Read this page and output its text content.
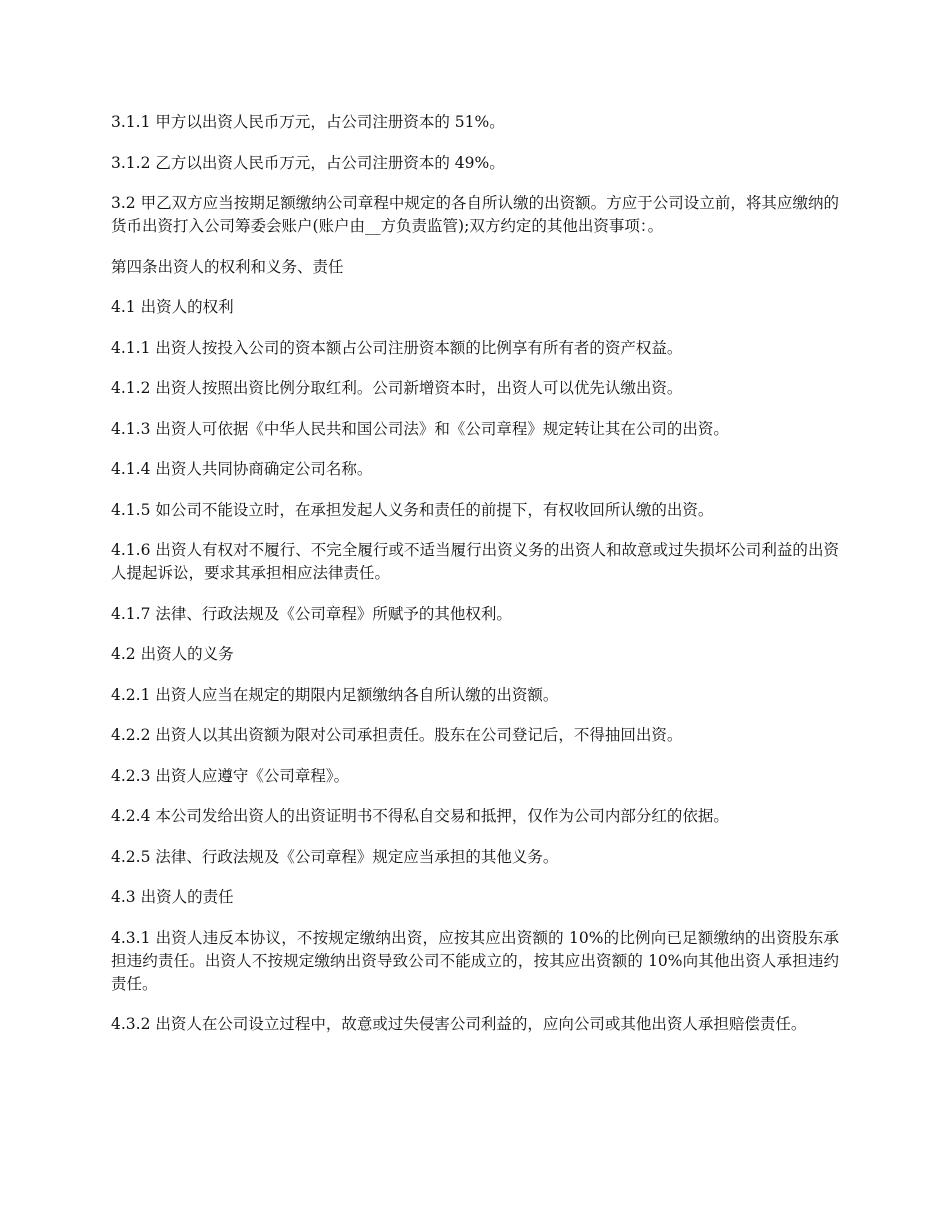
3.1.1 甲方以出资人民币万元，占公司注册资本的 51%。

3.1.2 乙方以出资人民币万元，占公司注册资本的 49%。

3.2 甲乙双方应当按期足额缴纳公司章程中规定的各自所认缴的出资额。方应于公司设立前，将其应缴纳的货币出资打入公司筹委会账户(账户由__方负责监管);双方约定的其他出资事项：。

第四条出资人的权利和义务、责任

4.1 出资人的权利

4.1.1 出资人按投入公司的资本额占公司注册资本额的比例享有所有者的资产权益。

4.1.2 出资人按照出资比例分取红利。公司新增资本时，出资人可以优先认缴出资。

4.1.3 出资人可依据《中华人民共和国公司法》和《公司章程》规定转让其在公司的出资。

4.1.4 出资人共同协商确定公司名称。

4.1.5 如公司不能设立时，在承担发起人义务和责任的前提下，有权收回所认缴的出资。

4.1.6 出资人有权对不履行、不完全履行或不适当履行出资义务的出资人和故意或过失损坏公司利益的出资人提起诉讼，要求其承担相应法律责任。

4.1.7 法律、行政法规及《公司章程》所赋予的其他权利。

4.2 出资人的义务

4.2.1 出资人应当在规定的期限内足额缴纳各自所认缴的出资额。

4.2.2 出资人以其出资额为限对公司承担责任。股东在公司登记后，不得抽回出资。

4.2.3 出资人应遵守《公司章程》。

4.2.4 本公司发给出资人的出资证明书不得私自交易和抵押，仅作为公司内部分红的依据。

4.2.5 法律、行政法规及《公司章程》规定应当承担的其他义务。

4.3 出资人的责任

4.3.1 出资人违反本协议，不按规定缴纳出资，应按其应出资额的 10%的比例向已足额缴纳的出资股东承担违约责任。出资人不按规定缴纳出资导致公司不能成立的，按其应出资额的 10%向其他出资人承担违约责任。

4.3.2 出资人在公司设立过程中，故意或过失侵害公司利益的，应向公司或其他出资人承担赔偿责任。
